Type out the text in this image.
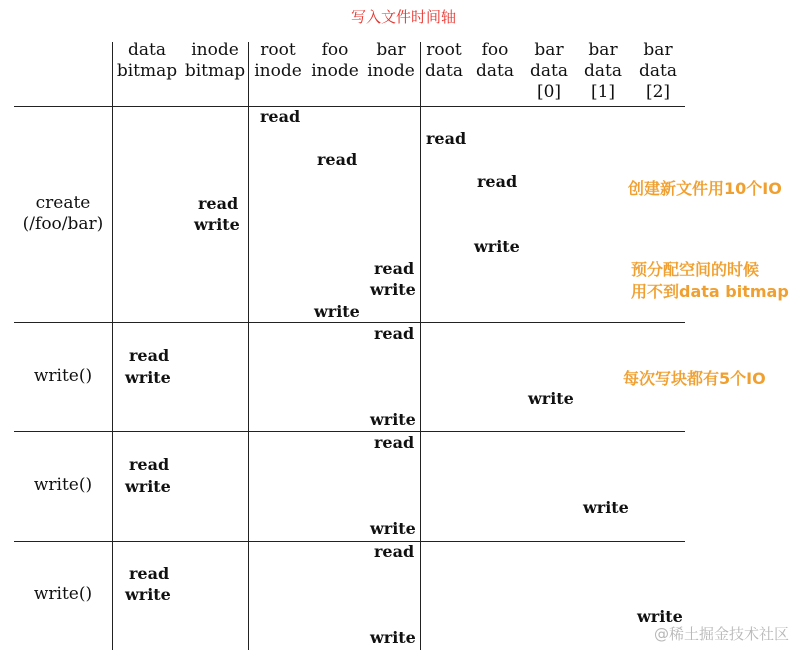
写入文件时间轴
data
bitmap
inode
bitmap
root
inode
foo
inode
bar
inode
root
data
foo
data
bar
data
[0]
bar
data
[1]
bar
data
[2]
create
(/foo/bar)
write()
write()
write()
read
read
read
read
read
write
write
read
write
write
read
read
write
write
write
read
read
write
write
write
read
read
write
write
write
创建新文件用10个IO
预分配空间的时候
用不到data bitmap
每次写块都有5个IO
@稀土掘金技术社区
